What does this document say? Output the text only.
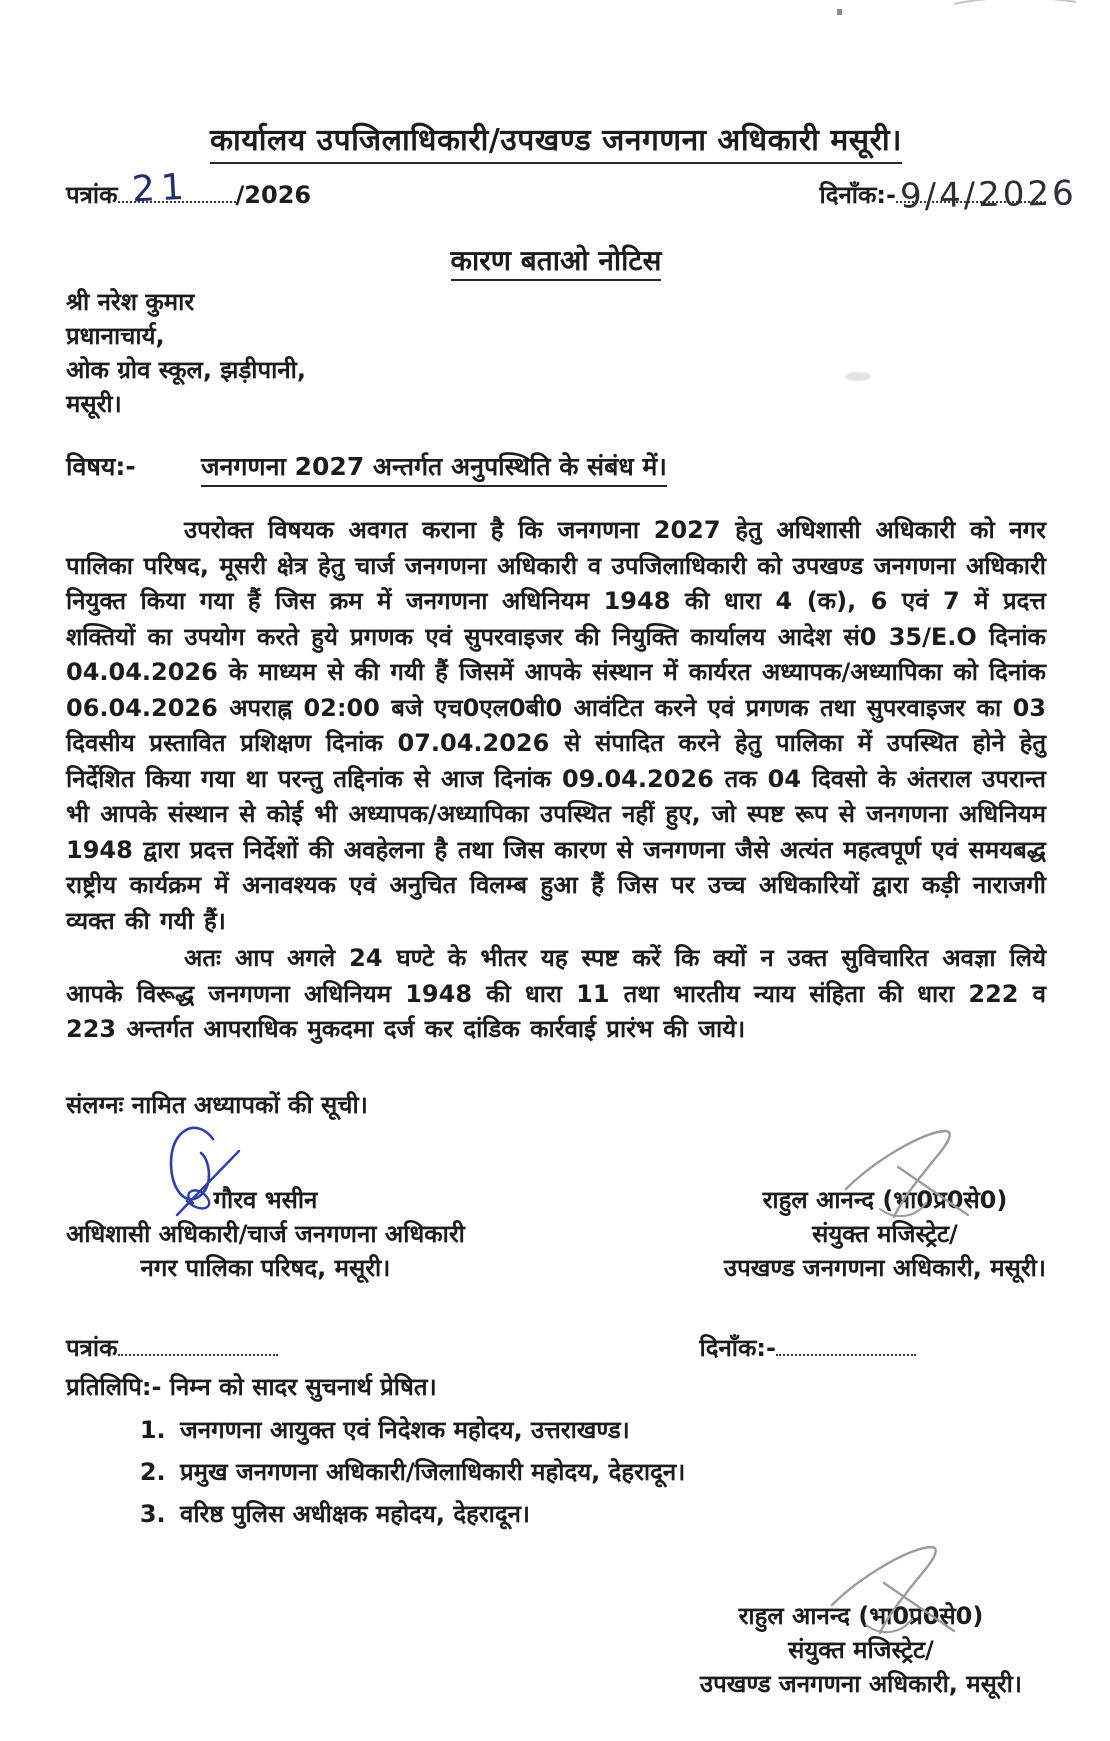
कार्यालय उपजिलाधिकारी/उपखण्ड जनगणना अधिकारी मसूरी।
पत्रांक 21 /2026	दिनाँक:- 9/4/2026
कारण बताओ नोटिस
श्री नरेश कुमार
प्रधानाचार्य,
ओक ग्रोव स्कूल, झड़ीपानी,
मसूरी।
विषय:-	जनगणना 2027 अन्तर्गत अनुपस्थिति के संबंध में।

उपरोक्त विषयक अवगत कराना है कि जनगणना 2027 हेतु अधिशासी अधिकारी को नगर पालिका परिषद, मूसरी क्षेत्र हेतु चार्ज जनगणना अधिकारी व उपजिलाधिकारी को उपखण्ड जनगणना अधिकारी नियुक्त किया गया हैं जिस क्रम में जनगणना अधिनियम 1948 की धारा 4 (क), 6 एवं 7 में प्रदत्त शक्तियों का उपयोग करते हुये प्रगणक एवं सुपरवाइजर की नियुक्ति कार्यालय आदेश सं0 35/E.O दिनांक 04.04.2026 के माध्यम से की गयी हैं जिसमें आपके संस्थान में कार्यरत अध्यापक/अध्यापिका को दिनांक 06.04.2026 अपराह्न 02:00 बजे एच0एल0बी0 आवंटित करने एवं प्रगणक तथा सुपरवाइजर का 03 दिवसीय प्रस्तावित प्रशिक्षण दिनांक 07.04.2026 से संपादित करने हेतु पालिका में उपस्थित होने हेतु निर्देशित किया गया था परन्तु तद्दिनांक से आज दिनांक 09.04.2026 तक 04 दिवसो के अंतराल उपरान्त भी आपके संस्थान से कोई भी अध्यापक/अध्यापिका उपस्थित नहीं हुए, जो स्पष्ट रूप से जनगणना अधिनियम 1948 द्वारा प्रदत्त निर्देशों की अवहेलना है तथा जिस कारण से जनगणना जैसे अत्यंत महत्वपूर्ण एवं समयबद्ध राष्ट्रीय कार्यक्रम में अनावश्यक एवं अनुचित विलम्ब हुआ हैं जिस पर उच्च अधिकारियों द्वारा कड़ी नाराजगी व्यक्त की गयी हैं।

अतः आप अगले 24 घण्टे के भीतर यह स्पष्ट करें कि क्यों न उक्त सुविचारित अवज्ञा लिये आपके विरूद्ध जनगणना अधिनियम 1948 की धारा 11 तथा भारतीय न्याय संहिता की धारा 222 व 223 अन्तर्गत आपराधिक मुकदमा दर्ज कर दांडिक कार्रवाई प्रारंभ की जाये।

संलग्नः नामित अध्यापकों की सूची।
गौरव भसीन
अधिशासी अधिकारी/चार्ज जनगणना अधिकारी
नगर पालिका परिषद, मसूरी।
राहुल आनन्द (भा0प्र0से0)
संयुक्त मजिस्ट्रेट/
उपखण्ड जनगणना अधिकारी, मसूरी।
पत्रांक	दिनाँक:-
प्रतिलिपि:- निम्न को सादर सुचनार्थ प्रेषित।
1. जनगणना आयुक्त एवं निदेशक महोदय, उत्तराखण्ड।
2. प्रमुख जनगणना अधिकारी/जिलाधिकारी महोदय, देहरादून।
3. वरिष्ठ पुलिस अधीक्षक महोदय, देहरादून।
राहुल आनन्द (भा0प्र0से0)
संयुक्त मजिस्ट्रेट/
उपखण्ड जनगणना अधिकारी, मसूरी।
